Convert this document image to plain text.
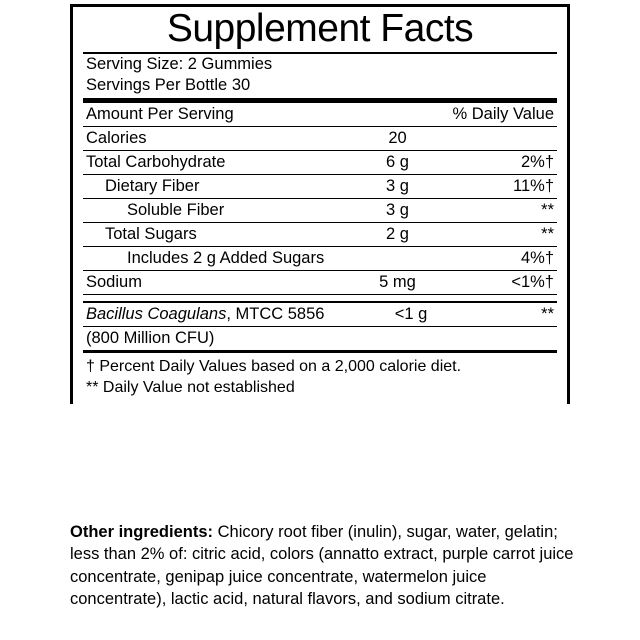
Supplement Facts
Serving Size: 2 Gummies
Servings Per Bottle 30
Amount Per Serving		% Daily Value
Calories	20	
Total Carbohydrate	6 g	2%†
Dietary Fiber	3 g	11%†
Soluble Fiber	3 g	**
Total Sugars	2 g	**
Includes 2 g Added Sugars		4%†
Sodium	5 mg	<1%†
Bacillus Coagulans, MTCC 5856	<1 g	**
(800 Million CFU)		
† Percent Daily Values based on a 2,000 calorie diet.
** Daily Value not established
Other ingredients: Chicory root fiber (inulin), sugar, water, gelatin; less than 2% of: citric acid, colors (annatto extract, purple carrot juice concentrate, genipap juice concentrate, watermelon juice concentrate), lactic acid, natural flavors, and sodium citrate.
